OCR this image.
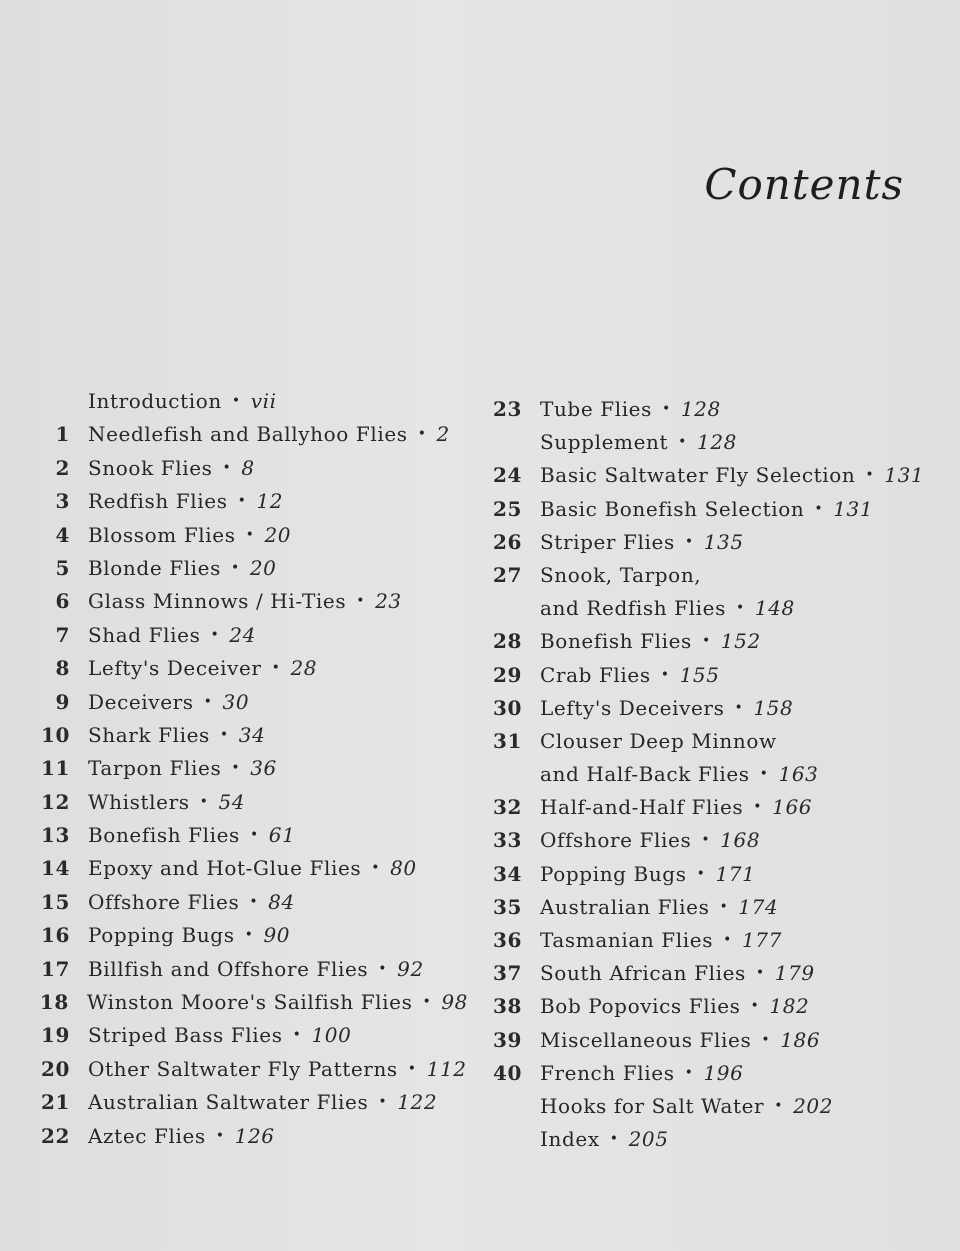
Contents
Introduction • vii
1 Needlefish and Ballyhoo Flies • 2
2 Snook Flies • 8
3 Redfish Flies • 12
4 Blossom Flies • 20
5 Blonde Flies • 20
6 Glass Minnows / Hi-Ties • 23
7 Shad Flies • 24
8 Lefty's Deceiver • 28
9 Deceivers • 30
10 Shark Flies • 34
11 Tarpon Flies • 36
12 Whistlers • 54
13 Bonefish Flies • 61
14 Epoxy and Hot-Glue Flies • 80
15 Offshore Flies • 84
16 Popping Bugs • 90
17 Billfish and Offshore Flies • 92
18 Winston Moore's Sailfish Flies • 98
19 Striped Bass Flies • 100
20 Other Saltwater Fly Patterns • 112
21 Australian Saltwater Flies • 122
22 Aztec Flies • 126
23 Tube Flies • 128
Supplement • 128
24 Basic Saltwater Fly Selection • 131
25 Basic Bonefish Selection • 131
26 Striper Flies • 135
27 Snook, Tarpon,
and Redfish Flies • 148
28 Bonefish Flies • 152
29 Crab Flies • 155
30 Lefty's Deceivers • 158
31 Clouser Deep Minnow
and Half-Back Flies • 163
32 Half-and-Half Flies • 166
33 Offshore Flies • 168
34 Popping Bugs • 171
35 Australian Flies • 174
36 Tasmanian Flies • 177
37 South African Flies • 179
38 Bob Popovics Flies • 182
39 Miscellaneous Flies • 186
40 French Flies • 196
Hooks for Salt Water • 202
Index • 205
